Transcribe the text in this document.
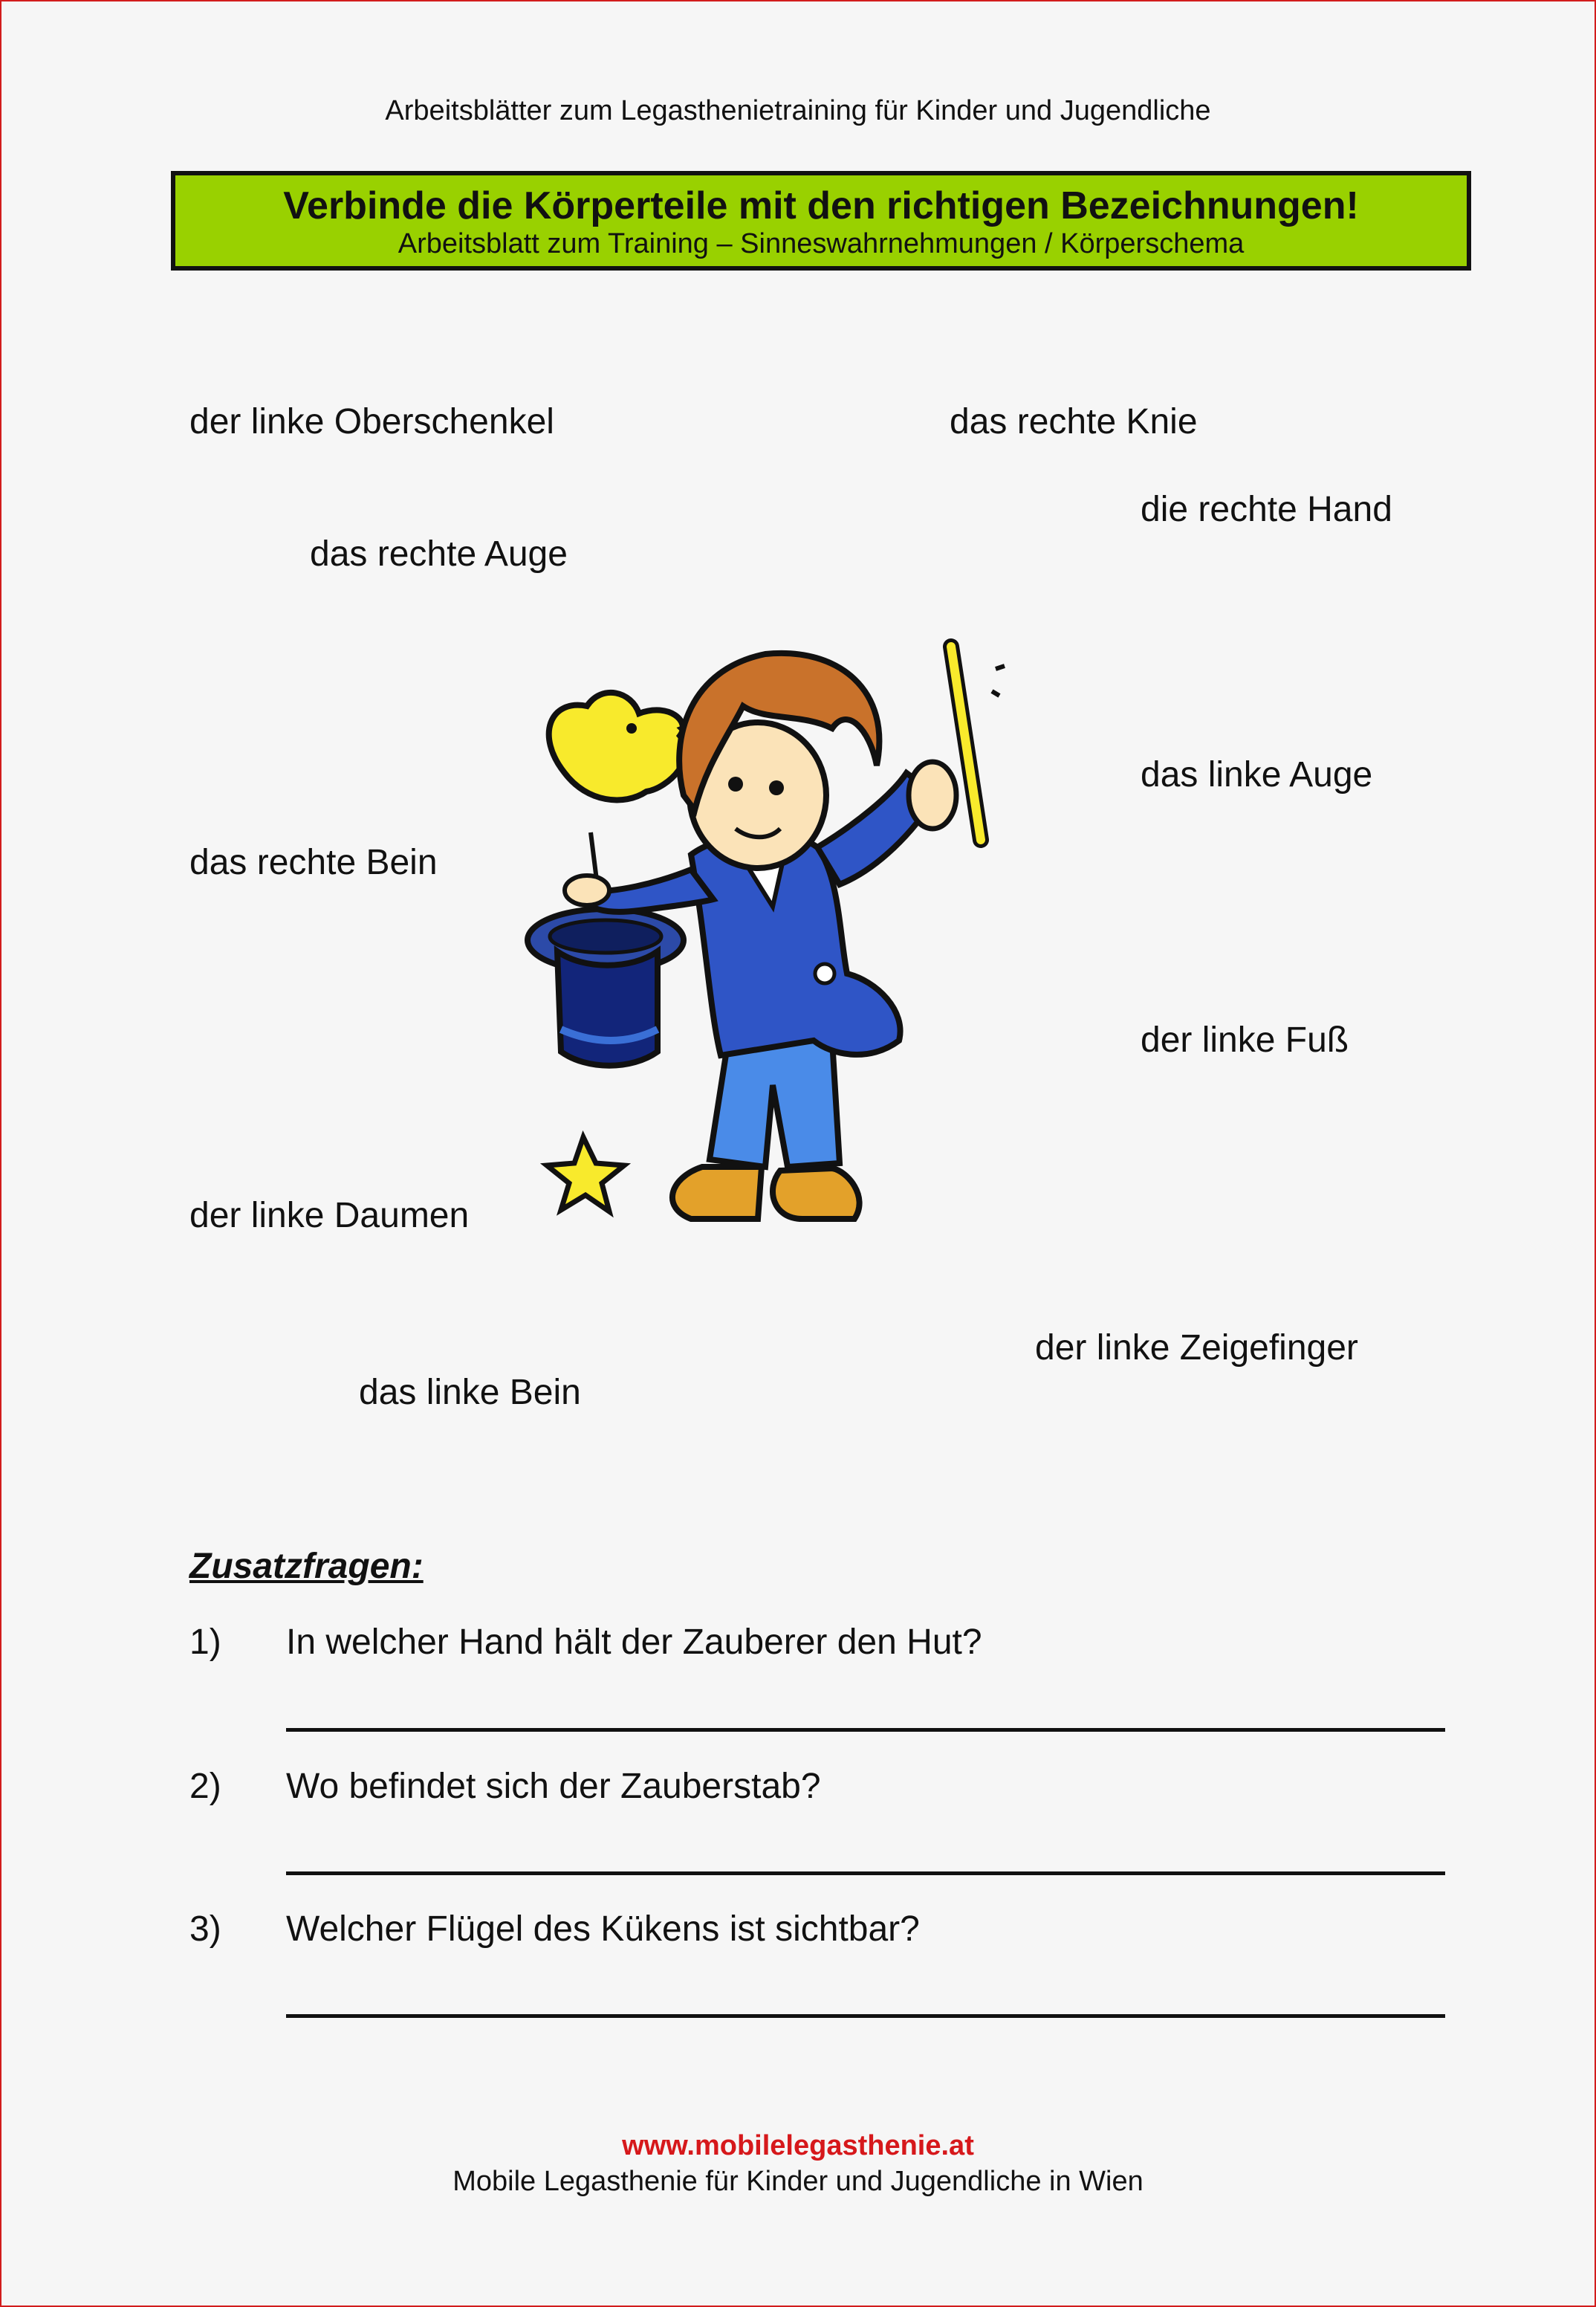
Arbeitsblätter zum Legasthenietraining für Kinder und Jugendliche
Verbinde die Körperteile mit den richtigen Bezeichnungen!
Arbeitsblatt zum Training – Sinneswahrnehmungen / Körperschema
der linke Oberschenkel	das rechte Knie
die rechte Hand
das rechte Auge
das linke Auge
das rechte Bein
der linke Fuß
der linke Daumen
der linke Zeigefinger
das linke Bein
Zusatzfragen:
1) In welcher Hand hält der Zauberer den Hut?
2) Wo befindet sich der Zauberstab?
3) Welcher Flügel des Kükens ist sichtbar?
www.mobilelegasthenie.at
Mobile Legasthenie für Kinder und Jugendliche in Wien
